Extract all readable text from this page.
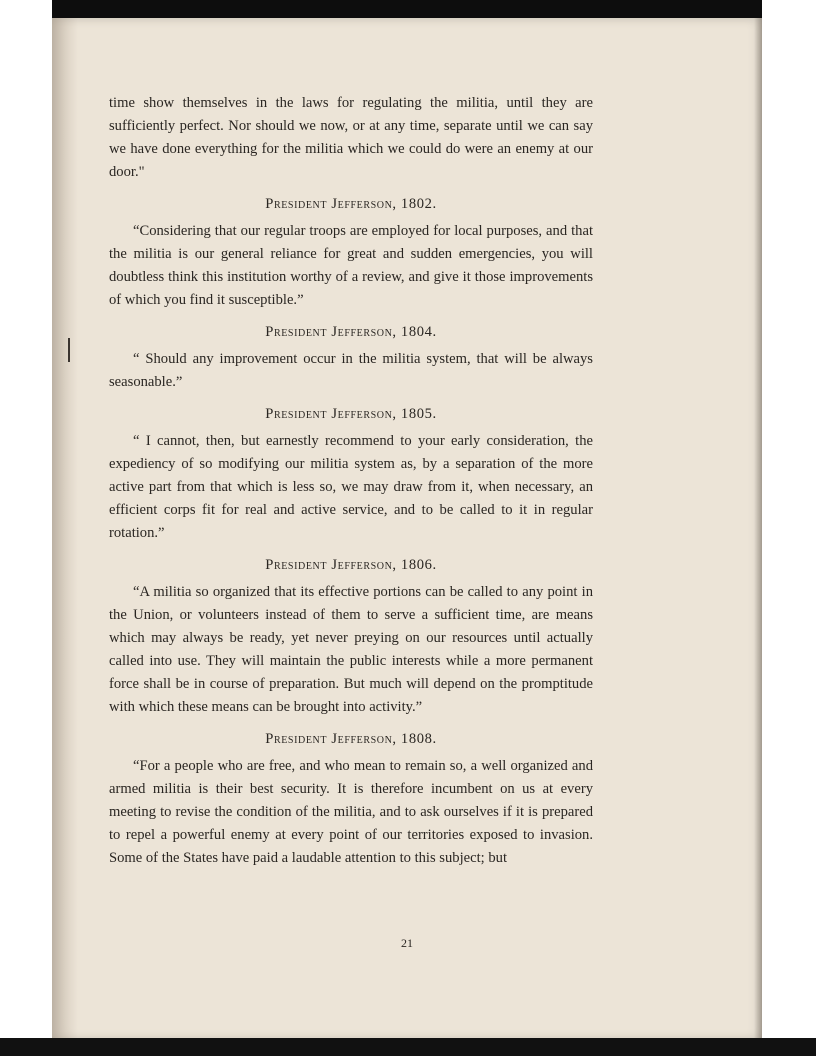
21

time show themselves in the laws for regulating the militia, until they are sufficiently perfect. Nor should we now, or at any time, separate until we can say we have done everything for the militia which we could do were an enemy at our door."

President Jefferson, 1802.

“Considering that our regular troops are employed for local purposes, and that the militia is our general reliance for great and sudden emergencies, you will doubtless think this institution worthy of a review, and give it those improvements of which you find it susceptible.”

President Jefferson, 1804.

“ Should any improvement occur in the militia system, that will be always seasonable.”

President Jefferson, 1805.

“ I cannot, then, but earnestly recommend to your early consideration, the expediency of so modifying our militia system as, by a separation of the more active part from that which is less so, we may draw from it, when necessary, an efficient corps fit for real and active service, and to be called to it in regular rotation.”

President Jefferson, 1806.

“A militia so organized that its effective portions can be called to any point in the Union, or volunteers instead of them to serve a sufficient time, are means which may always be ready, yet never preying on our resources until actually called into use. They will maintain the public interests while a more permanent force shall be in course of preparation. But much will depend on the promptitude with which these means can be brought into activity.”

President Jefferson, 1808.

“For a people who are free, and who mean to remain so, a well organized and armed militia is their best security. It is therefore incumbent on us at every meeting to revise the condition of the militia, and to ask ourselves if it is prepared to repel a powerful enemy at every point of our territories exposed to invasion. Some of the States have paid a laudable attention to this subject; but
